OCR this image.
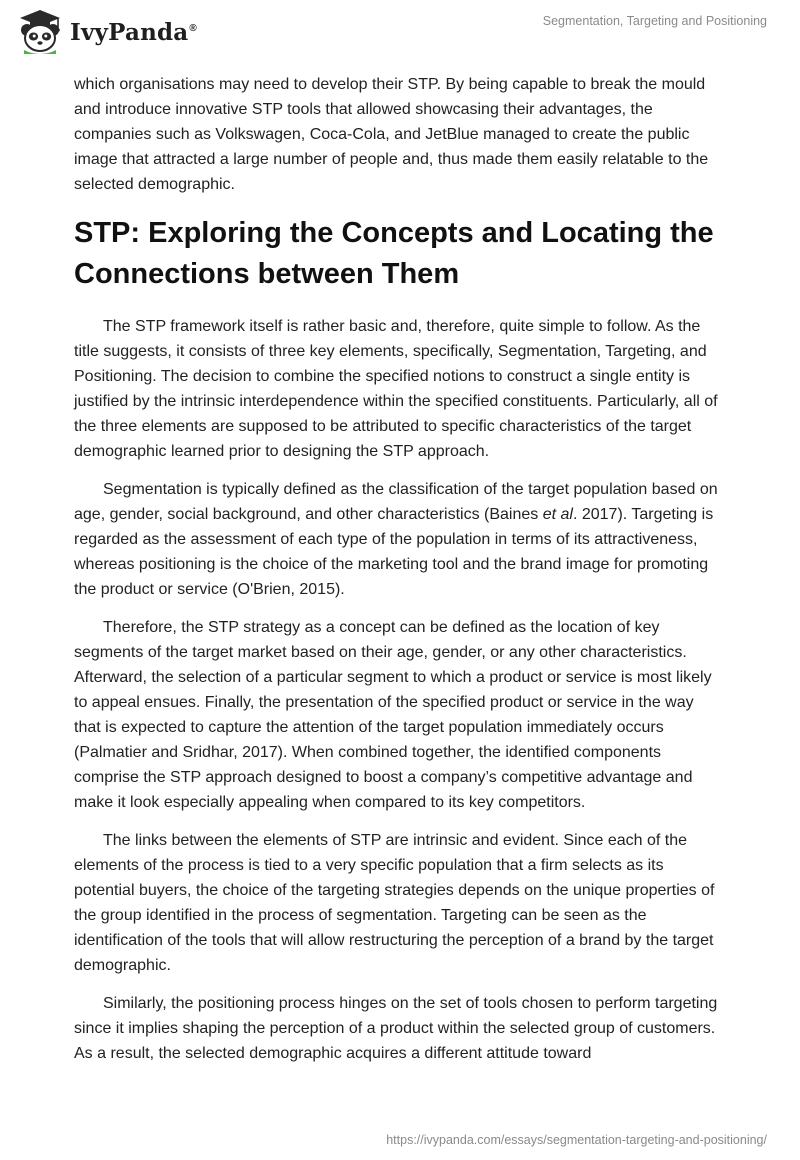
IvyPanda®
Segmentation, Targeting and Positioning

which organisations may need to develop their STP. By being capable to break the mould and introduce innovative STP tools that allowed showcasing their advantages, the companies such as Volkswagen, Coca-Cola, and JetBlue managed to create the public image that attracted a large number of people and, thus made them easily relatable to the selected demographic.

STP: Exploring the Concepts and Locating the Connections between Them

The STP framework itself is rather basic and, therefore, quite simple to follow. As the title suggests, it consists of three key elements, specifically, Segmentation, Targeting, and Positioning. The decision to combine the specified notions to construct a single entity is justified by the intrinsic interdependence within the specified constituents. Particularly, all of the three elements are supposed to be attributed to specific characteristics of the target demographic learned prior to designing the STP approach.

Segmentation is typically defined as the classification of the target population based on age, gender, social background, and other characteristics (Baines et al. 2017). Targeting is regarded as the assessment of each type of the population in terms of its attractiveness, whereas positioning is the choice of the marketing tool and the brand image for promoting the product or service (O'Brien, 2015).

Therefore, the STP strategy as a concept can be defined as the location of key segments of the target market based on their age, gender, or any other characteristics. Afterward, the selection of a particular segment to which a product or service is most likely to appeal ensues. Finally, the presentation of the specified product or service in the way that is expected to capture the attention of the target population immediately occurs (Palmatier and Sridhar, 2017). When combined together, the identified components comprise the STP approach designed to boost a company’s competitive advantage and make it look especially appealing when compared to its key competitors.

The links between the elements of STP are intrinsic and evident. Since each of the elements of the process is tied to a very specific population that a firm selects as its potential buyers, the choice of the targeting strategies depends on the unique properties of the group identified in the process of segmentation. Targeting can be seen as the identification of the tools that will allow restructuring the perception of a brand by the target demographic.

Similarly, the positioning process hinges on the set of tools chosen to perform targeting since it implies shaping the perception of a product within the selected group of customers. As a result, the selected demographic acquires a different attitude toward

https://ivypanda.com/essays/segmentation-targeting-and-positioning/
